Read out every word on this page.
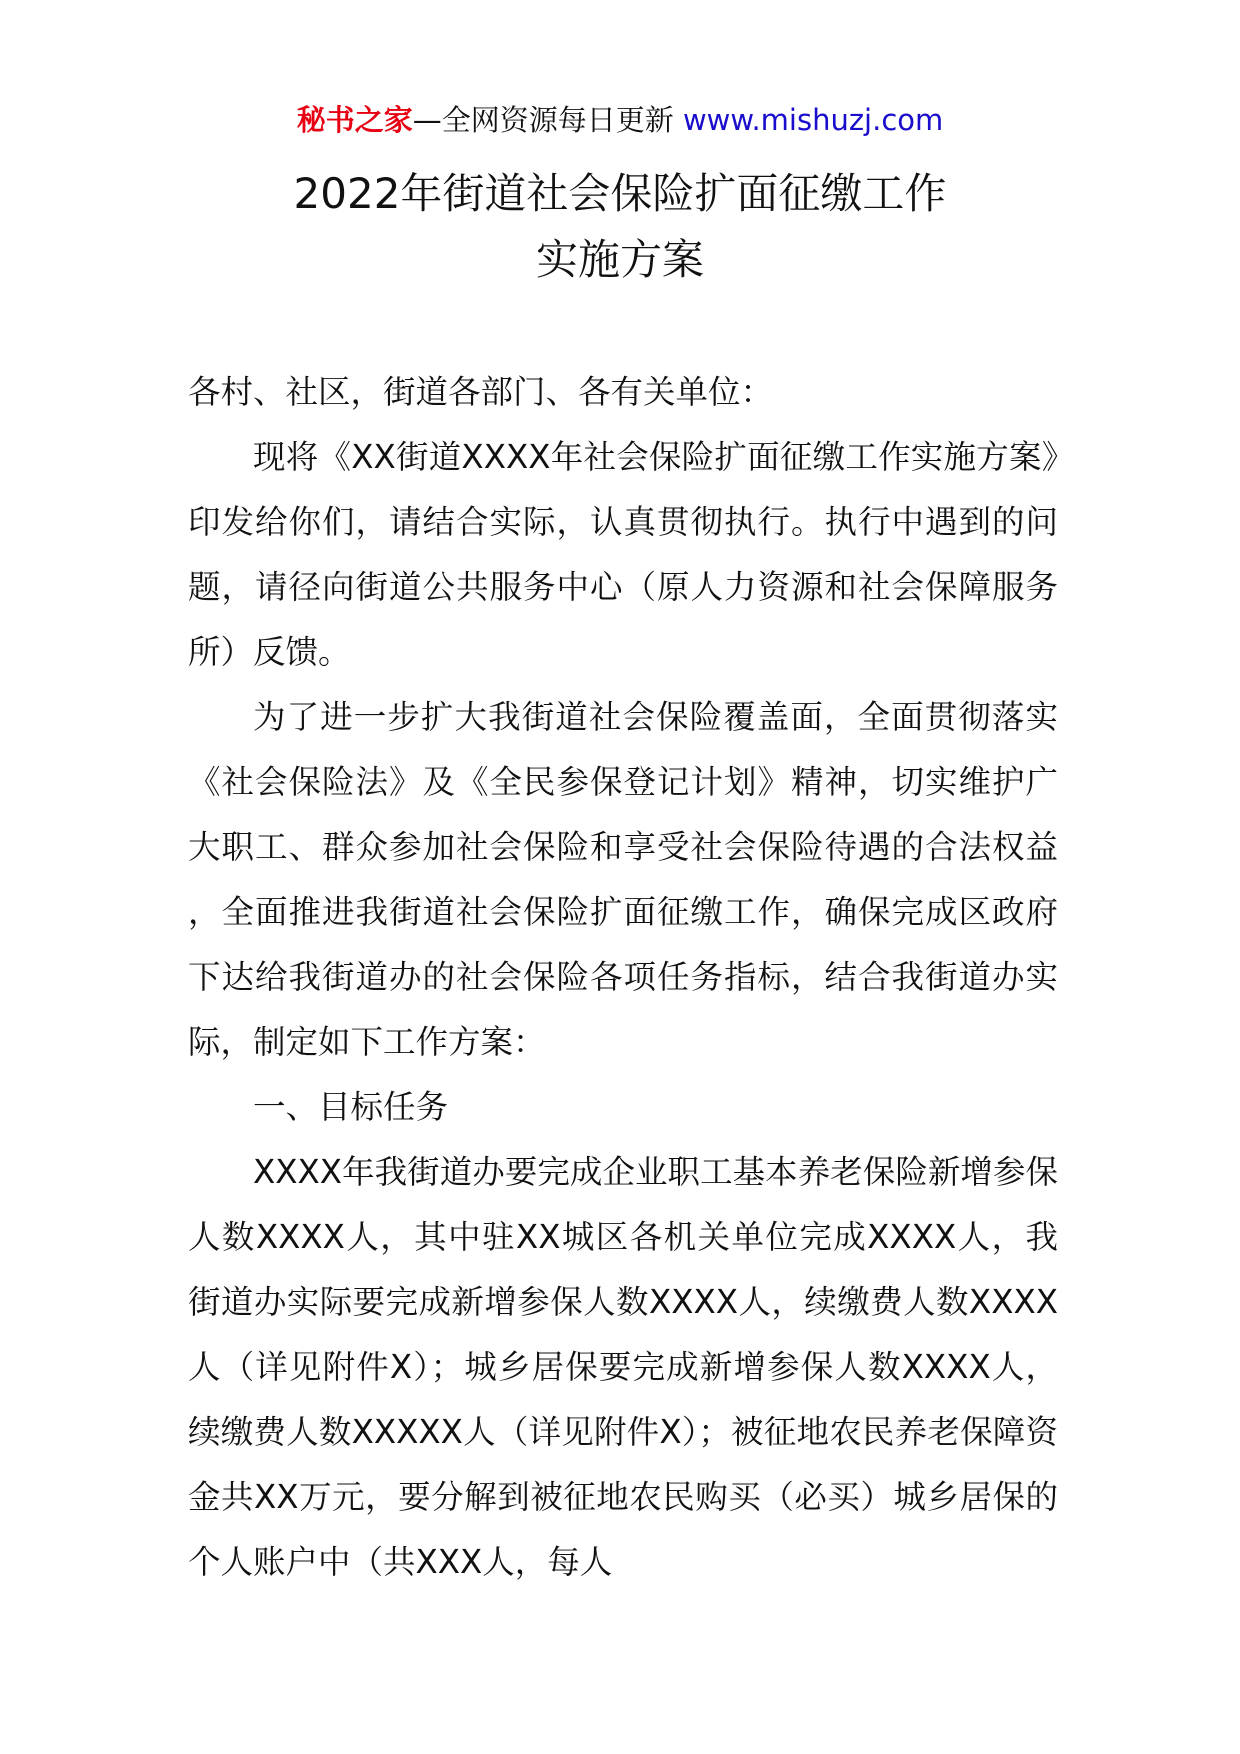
秘书之家—全网资源每日更新 www.mishuzj.com
2022年街道社会保险扩面征缴工作
实施方案

各村、社区，街道各部门、各有关单位：

现将《XX街道XXXX年社会保险扩面征缴工作实施方案》印发给你们，请结合实际，认真贯彻执行。执行中遇到的问题，请径向街道公共服务中心（原人力资源和社会保障服务所）反馈。

为了进一步扩大我街道社会保险覆盖面，全面贯彻落实《社会保险法》及《全民参保登记计划》精神，切实维护广大职工、群众参加社会保险和享受社会保险待遇的合法权益，全面推进我街道社会保险扩面征缴工作，确保完成区政府下达给我街道办的社会保险各项任务指标，结合我街道办实际，制定如下工作方案：

一、目标任务

XXXX年我街道办要完成企业职工基本养老保险新增参保人数XXXX人，其中驻XX城区各机关单位完成XXXX人，我街道办实际要完成新增参保人数XXXX人，续缴费人数XXXX人（详见附件X）；城乡居保要完成新增参保人数XXXX人，续缴费人数XXXXX人（详见附件X）；被征地农民养老保障资金共XX万元，要分解到被征地农民购买（必买）城乡居保的个人账户中（共XXX人，每人
